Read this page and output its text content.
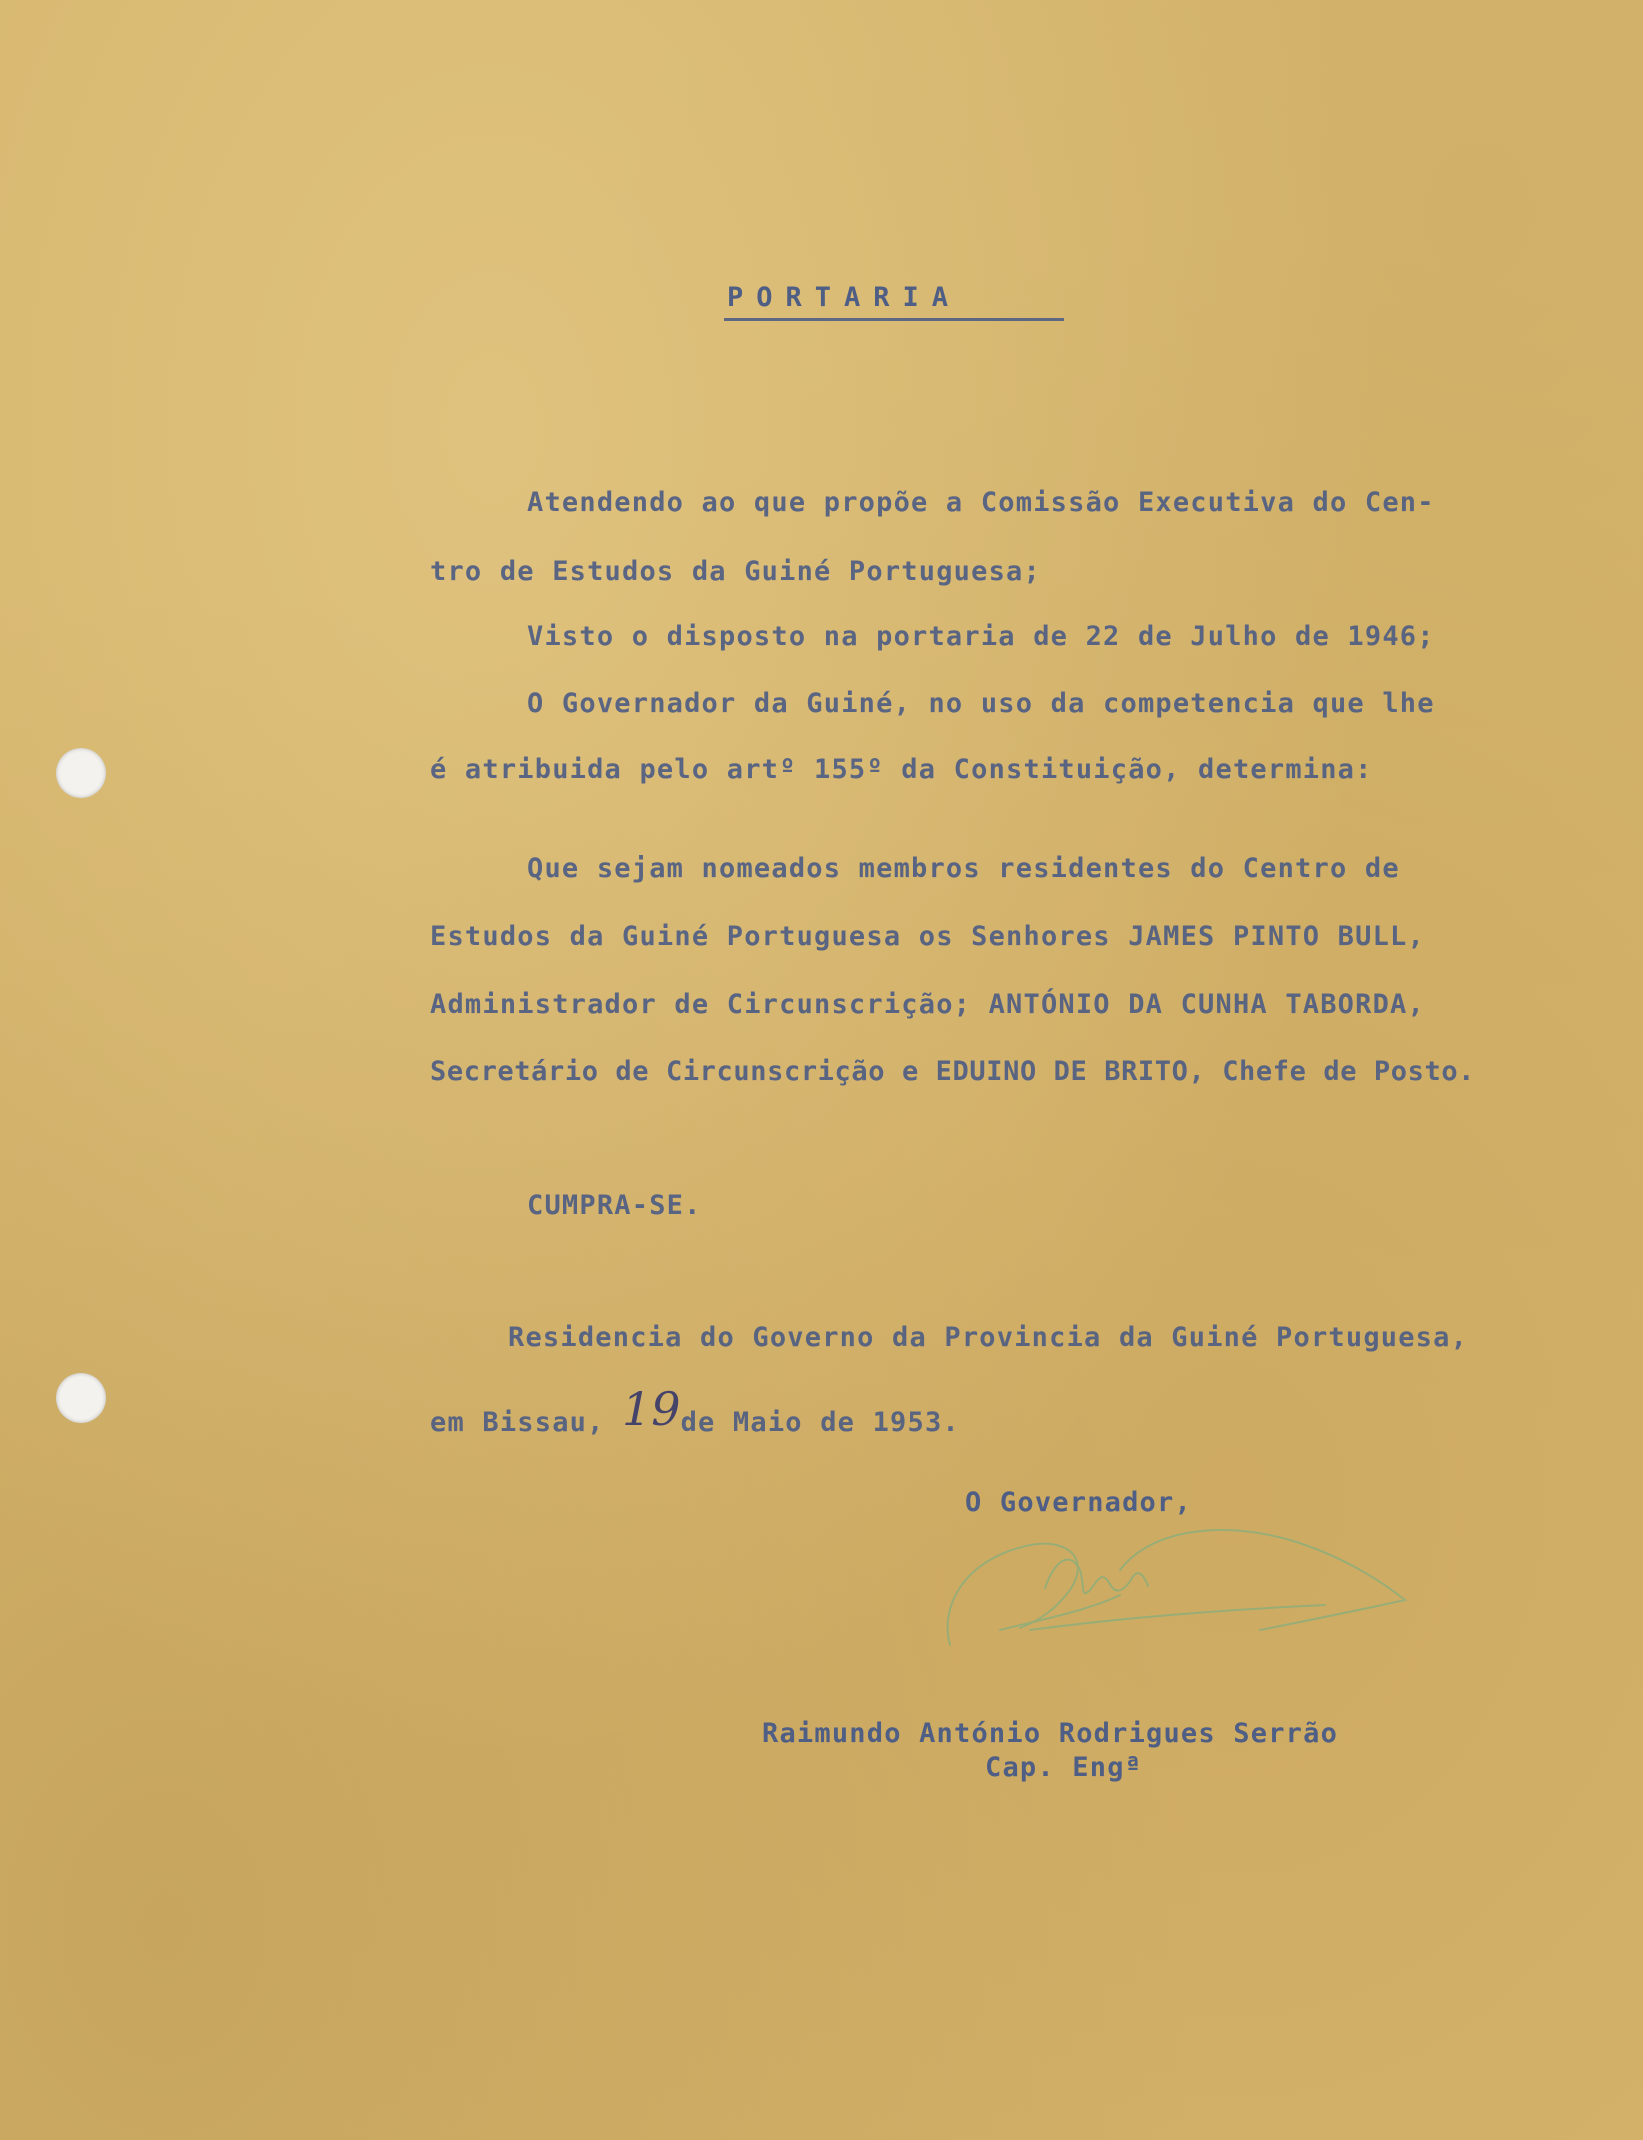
PORTARIA
Atendendo ao que propõe a Comissão Executiva do Cen-
tro de Estudos da Guiné Portuguesa;
Visto o disposto na portaria de 22 de Julho de 1946;
O Governador da Guiné, no uso da competencia que lhe
é atribuida pelo artº 155º da Constituição, determina:
Que sejam nomeados membros residentes do Centro de
Estudos da Guiné Portuguesa os Senhores JAMES PINTO BULL,
Administrador de Circunscrição; ANTÓNIO DA CUNHA TABORDA,
Secretário de Circunscrição e EDUINO DE BRITO, Chefe de Posto.
CUMPRA-SE.
Residencia do Governo da Provincia da Guiné Portuguesa,
em Bissau, 19de Maio de 1953.
O Governador,
Raimundo António Rodrigues Serrão
Cap. Engª
